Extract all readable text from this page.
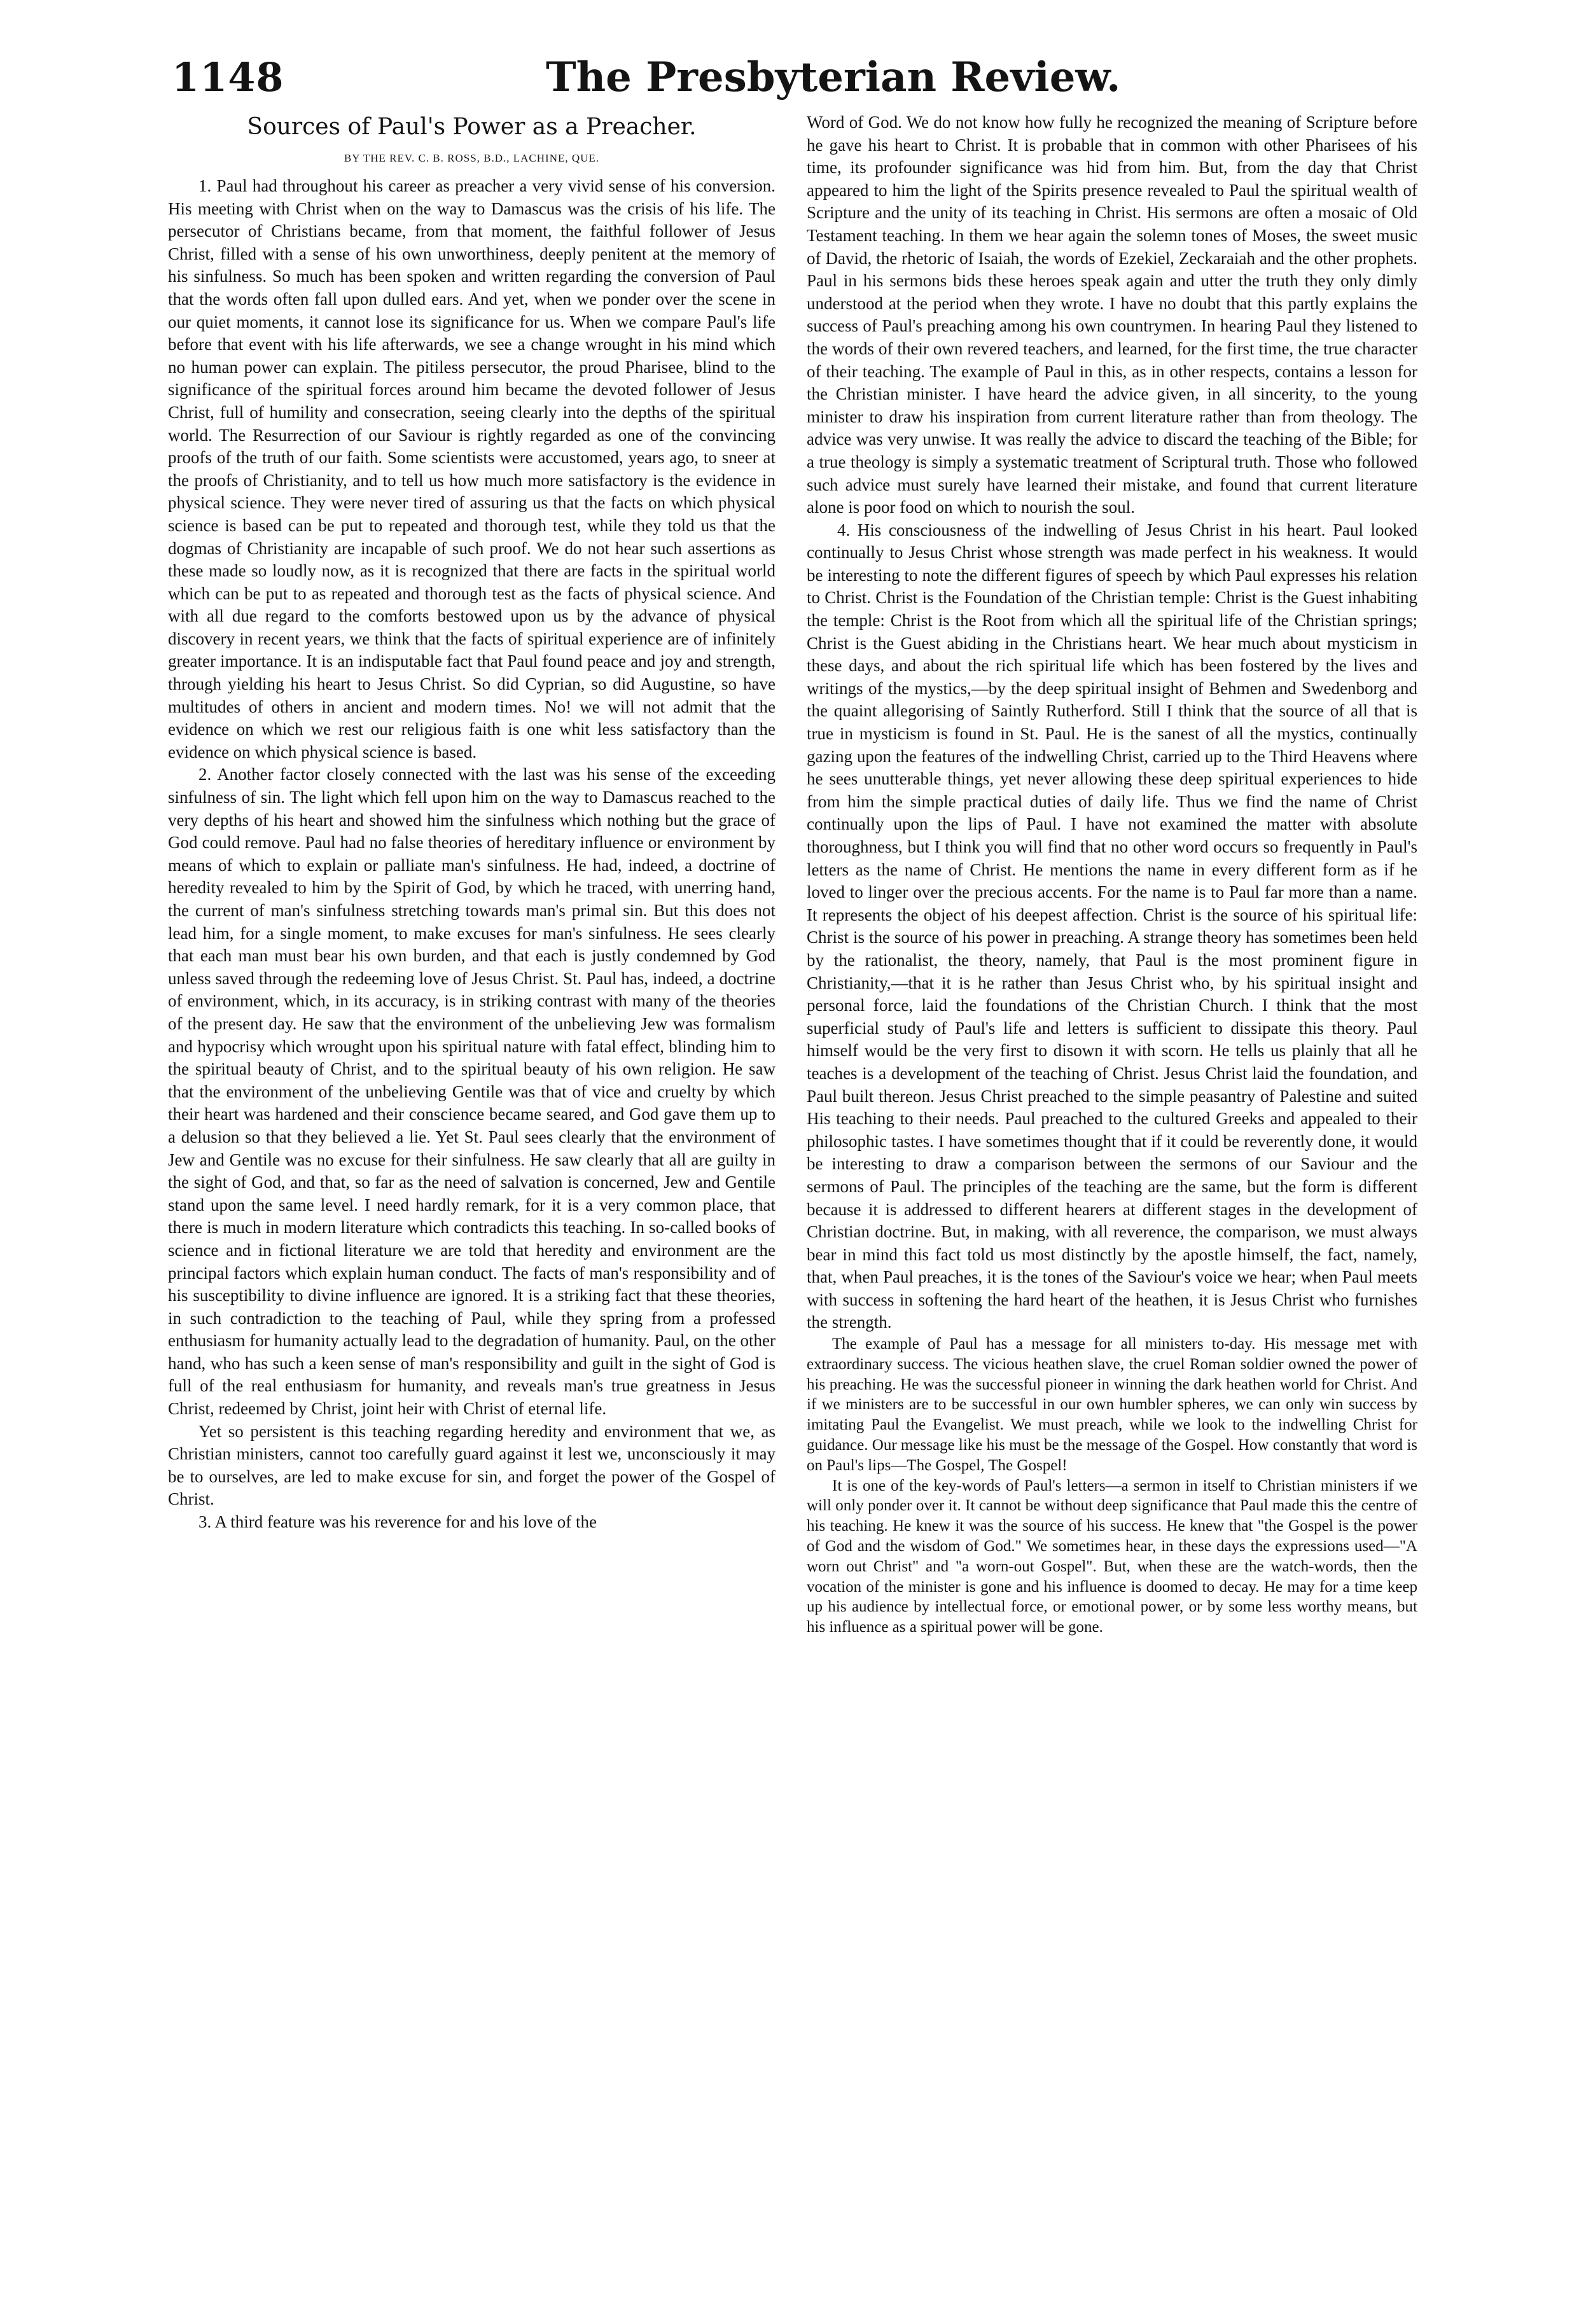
1148	The Presbyterian Review.
Sources of Paul's Power as a Preacher.
BY THE REV. C. B. ROSS, B.D., LACHINE, QUE.

1. Paul had throughout his career as preacher a very vivid sense of his conversion. His meeting with Christ when on the way to Damascus was the crisis of his life. The persecutor of Christians became, from that moment, the faithful follower of Jesus Christ, filled with a sense of his own unworthiness, deeply penitent at the memory of his sinfulness. So much has been spoken and written regarding the conversion of Paul that the words often fall upon dulled ears. And yet, when we ponder over the scene in our quiet moments, it cannot lose its significance for us. When we compare Paul's life before that event with his life afterwards, we see a change wrought in his mind which no human power can explain. The pitiless persecutor, the proud Pharisee, blind to the significance of the spiritual forces around him became the devoted follower of Jesus Christ, full of humility and consecration, seeing clearly into the depths of the spiritual world. The Resurrection of our Saviour is rightly regarded as one of the convincing proofs of the truth of our faith. Some scientists were accustomed, years ago, to sneer at the proofs of Christianity, and to tell us how much more satisfactory is the evidence in physical science. They were never tired of assuring us that the facts on which physical science is based can be put to repeated and thorough test, while they told us that the dogmas of Christianity are incapable of such proof. We do not hear such assertions as these made so loudly now, as it is recognized that there are facts in the spiritual world which can be put to as repeated and thorough test as the facts of physical science. And with all due regard to the comforts bestowed upon us by the advance of physical discovery in recent years, we think that the facts of spiritual experience are of infinitely greater importance. It is an indisputable fact that Paul found peace and joy and strength, through yielding his heart to Jesus Christ. So did Cyprian, so did Augustine, so have multitudes of others in ancient and modern times. No! we will not admit that the evidence on which we rest our religious faith is one whit less satisfactory than the evidence on which physical science is based.

2. Another factor closely connected with the last was his sense of the exceeding sinfulness of sin. The light which fell upon him on the way to Damascus reached to the very depths of his heart and showed him the sinfulness which nothing but the grace of God could remove. Paul had no false theories of hereditary influence or environment by means of which to explain or palliate man's sinfulness. He had, indeed, a doctrine of heredity revealed to him by the Spirit of God, by which he traced, with unerring hand, the current of man's sinfulness stretching towards man's primal sin. But this does not lead him, for a single moment, to make excuses for man's sinfulness. He sees clearly that each man must bear his own burden, and that each is justly condemned by God unless saved through the redeeming love of Jesus Christ. St. Paul has, indeed, a doctrine of environment, which, in its accuracy, is in striking contrast with many of the theories of the present day. He saw that the environment of the unbelieving Jew was formalism and hypocrisy which wrought upon his spiritual nature with fatal effect, blinding him to the spiritual beauty of Christ, and to the spiritual beauty of his own religion. He saw that the environment of the unbelieving Gentile was that of vice and cruelty by which their heart was hardened and their conscience became seared, and God gave them up to a delusion so that they believed a lie. Yet St. Paul sees clearly that the environment of Jew and Gentile was no excuse for their sinfulness. He saw clearly that all are guilty in the sight of God, and that, so far as the need of salvation is concerned, Jew and Gentile stand upon the same level. I need hardly remark, for it is a very common place, that there is much in modern literature which contradicts this teaching. In so-called books of science and in fictional literature we are told that heredity and environment are the principal factors which explain human conduct. The facts of man's responsibility and of his susceptibility to divine influence are ignored. It is a striking fact that these theories, in such contradiction to the teaching of Paul, while they spring from a professed enthusiasm for humanity actually lead to the degradation of humanity. Paul, on the other hand, who has such a keen sense of man's responsibility and guilt in the sight of God is full of the real enthusiasm for humanity, and reveals man's true greatness in Jesus Christ, redeemed by Christ, joint heir with Christ of eternal life.

Yet so persistent is this teaching regarding heredity and environment that we, as Christian ministers, cannot too carefully guard against it lest we, unconsciously it may be to ourselves, are led to make excuse for sin, and forget the power of the Gospel of Christ.

3. A third feature was his reverence for and his love of the

Word of God. We do not know how fully he recognized the meaning of Scripture before he gave his heart to Christ. It is probable that in common with other Pharisees of his time, its profounder significance was hid from him. But, from the day that Christ appeared to him the light of the Spirits presence revealed to Paul the spiritual wealth of Scripture and the unity of its teaching in Christ. His sermons are often a mosaic of Old Testament teaching. In them we hear again the solemn tones of Moses, the sweet music of David, the rhetoric of Isaiah, the words of Ezekiel, Zeckaraiah and the other prophets. Paul in his sermons bids these heroes speak again and utter the truth they only dimly understood at the period when they wrote. I have no doubt that this partly explains the success of Paul's preaching among his own countrymen. In hearing Paul they listened to the words of their own revered teachers, and learned, for the first time, the true character of their teaching. The example of Paul in this, as in other respects, contains a lesson for the Christian minister. I have heard the advice given, in all sincerity, to the young minister to draw his inspiration from current literature rather than from theology. The advice was very unwise. It was really the advice to discard the teaching of the Bible; for a true theology is simply a systematic treatment of Scriptural truth. Those who followed such advice must surely have learned their mistake, and found that current literature alone is poor food on which to nourish the soul.

4. His consciousness of the indwelling of Jesus Christ in his heart. Paul looked continually to Jesus Christ whose strength was made perfect in his weakness. It would be interesting to note the different figures of speech by which Paul expresses his relation to Christ. Christ is the Foundation of the Christian temple: Christ is the Guest inhabiting the temple: Christ is the Root from which all the spiritual life of the Christian springs; Christ is the Guest abiding in the Christians heart. We hear much about mysticism in these days, and about the rich spiritual life which has been fostered by the lives and writings of the mystics,—by the deep spiritual insight of Behmen and Swedenborg and the quaint allegorising of Saintly Rutherford. Still I think that the source of all that is true in mysticism is found in St. Paul. He is the sanest of all the mystics, continually gazing upon the features of the indwelling Christ, carried up to the Third Heavens where he sees unutterable things, yet never allowing these deep spiritual experiences to hide from him the simple practical duties of daily life. Thus we find the name of Christ continually upon the lips of Paul. I have not examined the matter with absolute thoroughness, but I think you will find that no other word occurs so frequently in Paul's letters as the name of Christ. He mentions the name in every different form as if he loved to linger over the precious accents. For the name is to Paul far more than a name. It represents the object of his deepest affection. Christ is the source of his spiritual life: Christ is the source of his power in preaching. A strange theory has sometimes been held by the rationalist, the theory, namely, that Paul is the most prominent figure in Christianity,—that it is he rather than Jesus Christ who, by his spiritual insight and personal force, laid the foundations of the Christian Church. I think that the most superficial study of Paul's life and letters is sufficient to dissipate this theory. Paul himself would be the very first to disown it with scorn. He tells us plainly that all he teaches is a development of the teaching of Christ. Jesus Christ laid the foundation, and Paul built thereon. Jesus Christ preached to the simple peasantry of Palestine and suited His teaching to their needs. Paul preached to the cultured Greeks and appealed to their philosophic tastes. I have sometimes thought that if it could be reverently done, it would be interesting to draw a comparison between the sermons of our Saviour and the sermons of Paul. The principles of the teaching are the same, but the form is different because it is addressed to different hearers at different stages in the development of Christian doctrine. But, in making, with all reverence, the comparison, we must always bear in mind this fact told us most distinctly by the apostle himself, the fact, namely, that, when Paul preaches, it is the tones of the Saviour's voice we hear; when Paul meets with success in softening the hard heart of the heathen, it is Jesus Christ who furnishes the strength.

The example of Paul has a message for all ministers to-day. His message met with extraordinary success. The vicious heathen slave, the cruel Roman soldier owned the power of his preaching. He was the successful pioneer in winning the dark heathen world for Christ. And if we ministers are to be successful in our own humbler spheres, we can only win success by imitating Paul the Evangelist. We must preach, while we look to the indwelling Christ for guidance. Our message like his must be the message of the Gospel. How constantly that word is on Paul's lips—The Gospel, The Gospel!

It is one of the key-words of Paul's letters—a sermon in itself to Christian ministers if we will only ponder over it. It cannot be without deep significance that Paul made this the centre of his teaching. He knew it was the source of his success. He knew that "the Gospel is the power of God and the wisdom of God." We sometimes hear, in these days the expressions used—"A worn out Christ" and "a worn-out Gospel". But, when these are the watch-words, then the vocation of the minister is gone and his influence is doomed to decay. He may for a time keep up his audience by intellectual force, or emotional power, or by some less worthy means, but his influence as a spiritual power will be gone.
